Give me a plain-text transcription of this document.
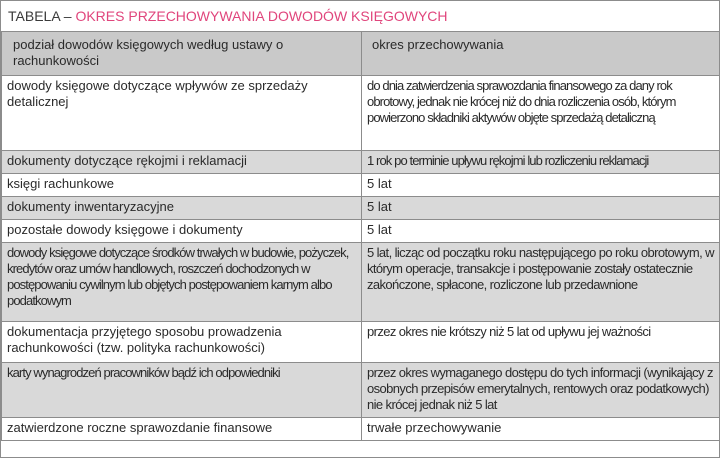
TABELA – OKRES PRZECHOWYWANIA DOWODÓW KSIĘGOWYCH
podział dowodów księgowych według ustawy o rachunkowości	okres przechowywania
dowody księgowe dotyczące wpływów ze sprzedaży detalicznej	do dnia zatwierdzenia sprawozdania finansowego za dany rok obrotowy, jednak nie krócej niż do dnia rozliczenia osób, którym powierzono składniki aktywów objęte sprzedażą detaliczną
dokumenty dotyczące rękojmi i reklamacji	1 rok po terminie upływu rękojmi lub rozliczeniu reklamacji
księgi rachunkowe	5 lat
dokumenty inwentaryzacyjne	5 lat
pozostałe dowody księgowe i dokumenty	5 lat
dowody księgowe dotyczące środków trwałych w budowie, pożyczek, kredytów oraz umów handlowych, roszczeń dochodzonych w postępowaniu cywilnym lub objętych postępowaniem karnym albo podatkowym	5 lat, licząc od początku roku następującego po roku obrotowym, w którym operacje, transakcje i postępowanie zostały ostatecznie zakończone, spłacone, rozliczone lub przedawnione
dokumentacja przyjętego sposobu prowadzenia rachunkowości (tzw. polityka rachunkowości)	przez okres nie krótszy niż 5 lat od upływu jej ważności
karty wynagrodzeń pracowników bądź ich odpowiedniki	przez okres wymaganego dostępu do tych informacji (wynikający z osobnych przepisów emerytalnych, rentowych oraz podatkowych) nie krócej jednak niż 5 lat
zatwierdzone roczne sprawozdanie finansowe	trwałe przechowywanie
